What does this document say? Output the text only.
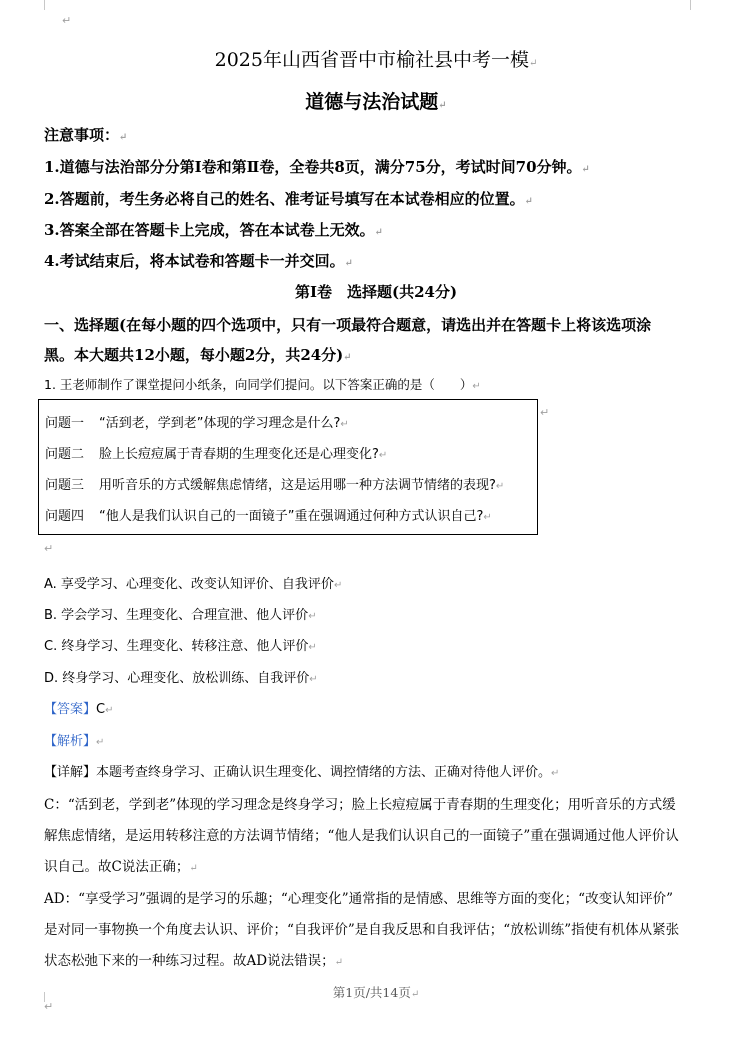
↵
2025年山西省晋中市榆社县中考一模↵
道德与法治试题↵
注意事项：↵
1.道德与法治部分分第Ⅰ卷和第Ⅱ卷，全卷共8页，满分75分，考试时间70分钟。↵
2.答题前，考生务必将自己的姓名、准考证号填写在本试卷相应的位置。↵
3.答案全部在答题卡上完成，答在本试卷上无效。↵
4.考试结束后，将本试卷和答题卡一并交回。↵
第Ⅰ卷　选择题(共24分)
一、选择题(在每小题的四个选项中，只有一项最符合题意，请选出并在答题卡上将该选项涂
黑。本大题共12小题，每小题2分，共24分)↵
1. 王老师制作了课堂提问小纸条，向同学们提问。以下答案正确的是（　　）↵
问题一 “活到老，学到老”体现的学习理念是什么?↵
问题二 脸上长痘痘属于青春期的生理变化还是心理变化?↵
问题三 用听音乐的方式缓解焦虑情绪，这是运用哪一种方法调节情绪的表现?↵
问题四 “他人是我们认识自己的一面镜子”重在强调通过何种方式认识自己?↵
↵
↵
A. 享受学习、心理变化、改变认知评价、自我评价↵
B. 学会学习、生理变化、合理宣泄、他人评价↵
C. 终身学习、生理变化、转移注意、他人评价↵
D. 终身学习、心理变化、放松训练、自我评价↵
【答案】C↵
【解析】↵
【详解】本题考查终身学习、正确认识生理变化、调控情绪的方法、正确对待他人评价。↵
C：“活到老，学到老”体现的学习理念是终身学习；脸上长痘痘属于青春期的生理变化；用听音乐的方式缓
解焦虑情绪，是运用转移注意的方法调节情绪；“他人是我们认识自己的一面镜子”重在强调通过他人评价认
识自己。故C说法正确；↵
AD：“享受学习”强调的是学习的乐趣；“心理变化”通常指的是情感、思维等方面的变化；“改变认知评价”
是对同一事物换一个角度去认识、评价；“自我评价”是自我反思和自我评估；“放松训练”指使有机体从紧张
状态松弛下来的一种练习过程。故AD说法错误；↵
第1页/共14页↵
↵
